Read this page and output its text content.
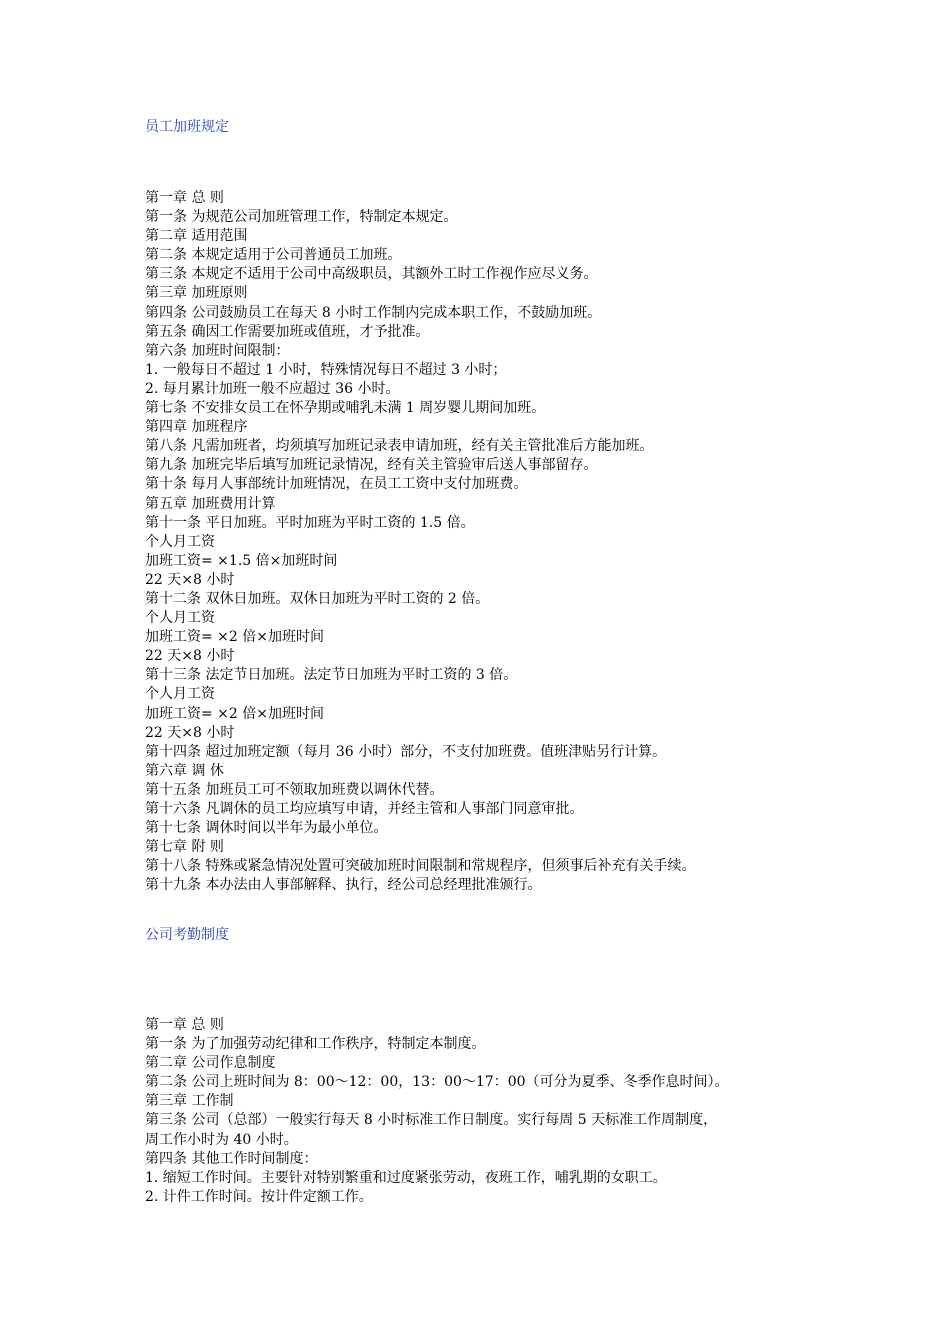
员工加班规定
第一章 总 则
第一条 为规范公司加班管理工作，特制定本规定。
第二章 适用范围
第二条 本规定适用于公司普通员工加班。
第三条 本规定不适用于公司中高级职员，其额外工时工作视作应尽义务。
第三章 加班原则
第四条 公司鼓励员工在每天 8 小时工作制内完成本职工作，不鼓励加班。
第五条 确因工作需要加班或值班，才予批准。
第六条 加班时间限制：
1. 一般每日不超过 1 小时，特殊情况每日不超过 3 小时；
2. 每月累计加班一般不应超过 36 小时。
第七条 不安排女员工在怀孕期或哺乳未满 1 周岁婴儿期间加班。
第四章 加班程序
第八条 凡需加班者，均须填写加班记录表申请加班，经有关主管批准后方能加班。
第九条 加班完毕后填写加班记录情况，经有关主管验审后送人事部留存。
第十条 每月人事部统计加班情况，在员工工资中支付加班费。
第五章 加班费用计算
第十一条 平日加班。平时加班为平时工资的 1.5 倍。
个人月工资
加班工资= ×1.5 倍×加班时间
22 天×8 小时
第十二条 双休日加班。双休日加班为平时工资的 2 倍。
个人月工资
加班工资= ×2 倍×加班时间
22 天×8 小时
第十三条 法定节日加班。法定节日加班为平时工资的 3 倍。
个人月工资
加班工资= ×2 倍×加班时间
22 天×8 小时
第十四条 超过加班定额（每月 36 小时）部分，不支付加班费。值班津贴另行计算。
第六章 调 休
第十五条 加班员工可不领取加班费以调休代替。
第十六条 凡调休的员工均应填写申请，并经主管和人事部门同意审批。
第十七条 调休时间以半年为最小单位。
第七章 附 则
第十八条 特殊或紧急情况处置可突破加班时间限制和常规程序，但须事后补充有关手续。
第十九条 本办法由人事部解释、执行，经公司总经理批准颁行。
公司考勤制度
第一章 总 则
第一条 为了加强劳动纪律和工作秩序，特制定本制度。
第二章 公司作息制度
第二条 公司上班时间为 8：00～12：00，13：00～17：00（可分为夏季、冬季作息时间）。
第三章 工作制
第三条 公司（总部）一般实行每天 8 小时标准工作日制度。实行每周 5 天标准工作周制度，
周工作小时为 40 小时。
第四条 其他工作时间制度：
1. 缩短工作时间。主要针对特别繁重和过度紧张劳动，夜班工作，哺乳期的女职工。
2. 计件工作时间。按计件定额工作。
